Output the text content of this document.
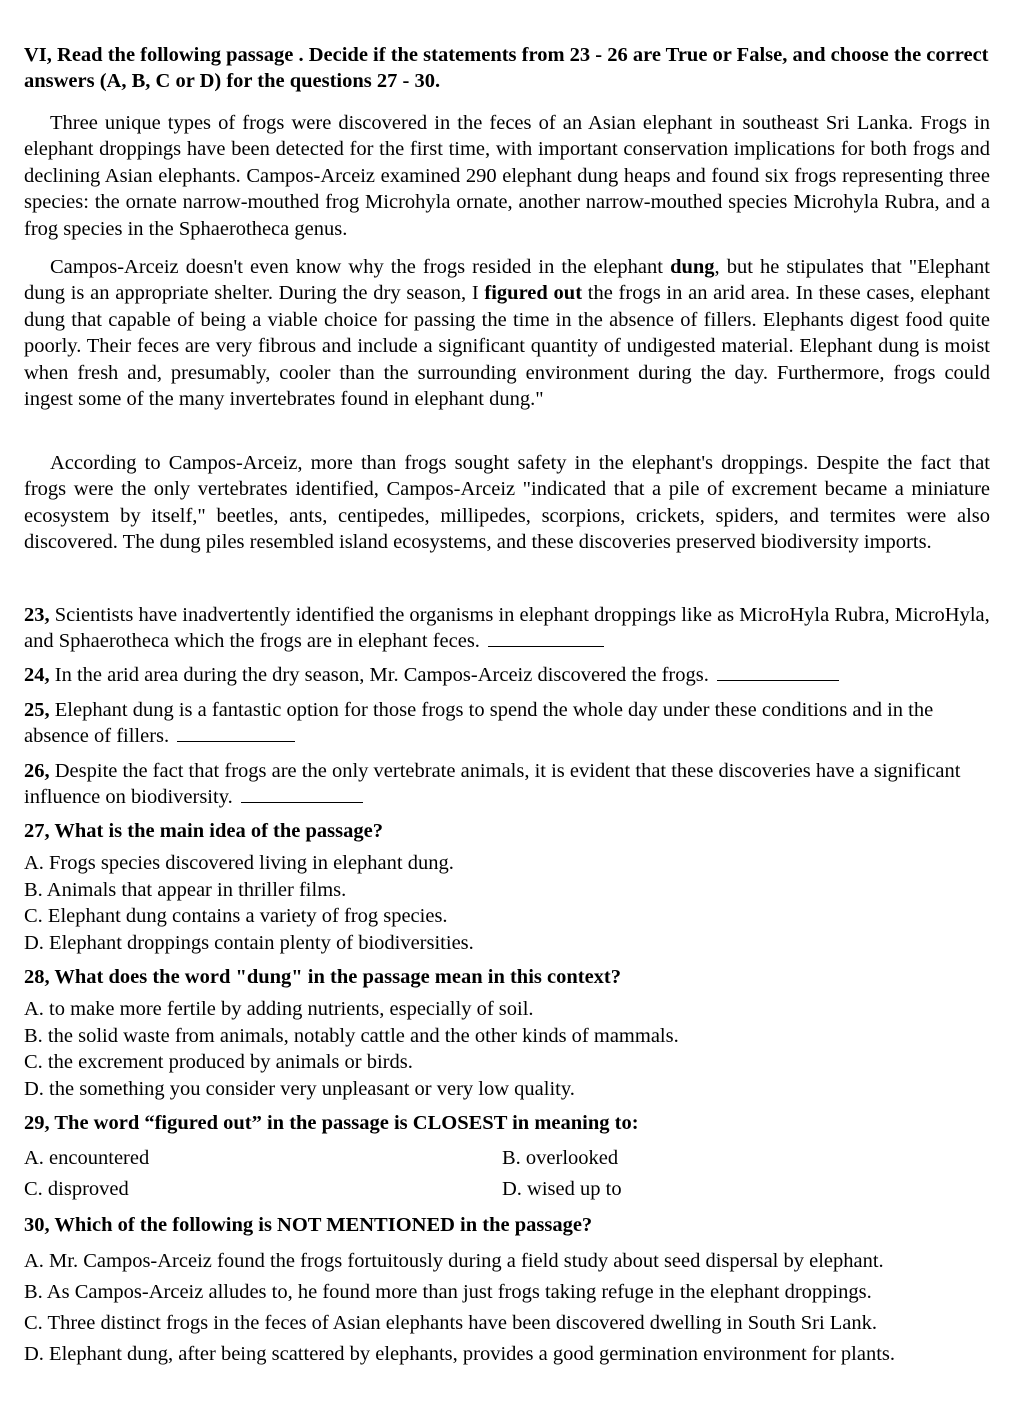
VI, Read the following passage . Decide if the statements from 23 - 26 are True or False, and choose the correct answers (A, B, C or D) for the questions 27 - 30.

Three unique types of frogs were discovered in the feces of an Asian elephant in southeast Sri Lanka. Frogs in elephant droppings have been detected for the first time, with important conservation implications for both frogs and declining Asian elephants. Campos-Arceiz examined 290 elephant dung heaps and found six frogs representing three species: the ornate narrow-mouthed frog Microhyla ornate, another narrow-mouthed species Microhyla Rubra, and a frog species in the Sphaerotheca genus.

Campos-Arceiz doesn't even know why the frogs resided in the elephant dung, but he stipulates that "Elephant dung is an appropriate shelter. During the dry season, I figured out the frogs in an arid area. In these cases, elephant dung that capable of being a viable choice for passing the time in the absence of fillers. Elephants digest food quite poorly. Their feces are very fibrous and include a significant quantity of undigested material. Elephant dung is moist when fresh and, presumably, cooler than the surrounding environment during the day. Furthermore, frogs could ingest some of the many invertebrates found in elephant dung."

According to Campos-Arceiz, more than frogs sought safety in the elephant's droppings. Despite the fact that frogs were the only vertebrates identified, Campos-Arceiz "indicated that a pile of excrement became a miniature ecosystem by itself," beetles, ants, centipedes, millipedes, scorpions, crickets, spiders, and termites were also discovered. The dung piles resembled island ecosystems, and these discoveries preserved biodiversity imports.

23, Scientists have inadvertently identified the organisms in elephant droppings like as MicroHyla Rubra, MicroHyla, and Sphaerotheca which the frogs are in elephant feces.

24, In the arid area during the dry season, Mr. Campos-Arceiz discovered the frogs.

25, Elephant dung is a fantastic option for those frogs to spend the whole day under these conditions and in the absence of fillers.

26, Despite the fact that frogs are the only vertebrate animals, it is evident that these discoveries have a significant influence on biodiversity.

27, What is the main idea of the passage?

A. Frogs species discovered living in elephant dung.
B. Animals that appear in thriller films.
C. Elephant dung contains a variety of frog species.
D. Elephant droppings contain plenty of biodiversities.

28, What does the word "dung" in the passage mean in this context?

A. to make more fertile by adding nutrients, especially of soil.
B. the solid waste from animals, notably cattle and the other kinds of mammals.
C. the excrement produced by animals or birds.
D. the something you consider very unpleasant or very low quality.

29, The word “figured out” in the passage is CLOSEST in meaning to:

A. encountered	B. overlooked
C. disproved	D. wised up to

30, Which of the following is NOT MENTIONED in the passage?

A. Mr. Campos-Arceiz found the frogs fortuitously during a field study about seed dispersal by elephant.
B. As Campos-Arceiz alludes to, he found more than just frogs taking refuge in the elephant droppings.
C. Three distinct frogs in the feces of Asian elephants have been discovered dwelling in South Sri Lank.
D. Elephant dung, after being scattered by elephants, provides a good germination environment for plants.
